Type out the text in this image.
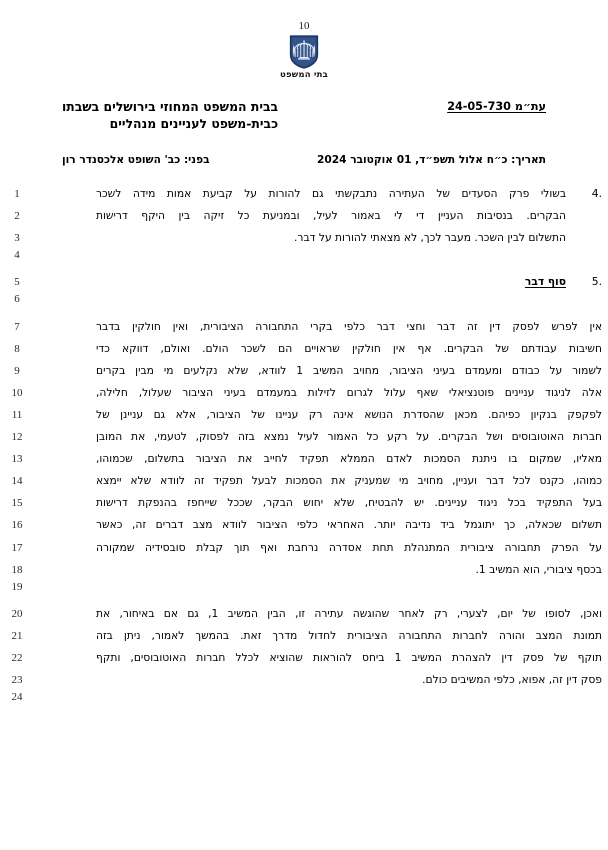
10
בתי המשפט
בבית המשפט המחוזי בירושלים בשבתו
כבית-משפט לעניינים מנהליים
עת״מ 24-05-730
בפני: כב' השופט אלכסנדר רון	תאריך: כ״ח אלול תשפ״ד, 01 אוקטובר 2024
4.
בשולי פרק הסעדים של העתירה נתבקשתי גם להורות על קביעת אמות מידה לשכר
1
הבקרים. בנסיבות העניין די לי באמור לעיל, ובמניעת כל זיקה בין היקף דרישות
2
התשלום לבין השכר. מעבר לכך, לא מצאתי להורות על דבר.
3
4
5.
סוף דבר
5
6
אין לפרש לפסק דין זה דבר וחצי דבר כלפי בקרי התחבורה הציבורית, ואין חולקין בדבר
7
חשיבות עבודתם של הבקרים. אף אין חולקין שראויים הם לשכר הולם. ואולם, דווקא כדי
8
לשמור על כבודם ומעמדם בעיני הציבור, מחויב המשיב 1 לוודא, שלא נקלעים מי מבין בקרים
9
אלה לניגוד עניינים פוטנציאלי שאף עלול לגרום לזילות במעמדם בעיני הציבור שעלול, חלילה,
10
לפקפק בנקיון כפיהם. מכאן שהסדרת הנושא אינה רק עניינו של הציבור, אלא גם עניינן של
11
חברות האוטובוסים ושל הבקרים. על רקע כל האמור לעיל נמצא בזה לפסוק, לטעמי, את המובן
12
מאליו, שמקום בו ניתנת הסמכות לאדם הממלא תפקיד לחייב את הציבור בתשלום, שכמוהו,
13
כמוהו, כקנס לכל דבר ועניין, מחויב מי שמעניק את הסמכות לבעל תפקיד זה לוודא שלא יימצא
14
בעל התפקיד בכל ניגוד עניינים. יש להבטיח, שלא יחוש הבקר, שככל שייחפז בהנפקת דרישות
15
תשלום שכאלה, כך יתוגמל ביד נדיבה יותר. האחראי כלפי הציבור לוודא מצב דברים זה, כאשר
16
על הפרק תחבורה ציבורית המתנהלת תחת אסדרה נרחבת ואף תוך קבלת סובסידיה שמקורה
17
בכסף ציבורי, הוא המשיב 1.
18
19
ואכן, לסופו של יום, לצערי, רק לאחר שהוגשה עתירה זו, הבין המשיב 1, גם אם באיחור, את
20
תמונת המצב והורה לחברות התחבורה הציבורית לחדול מדרך זאת. בהמשך לאמור, ניתן בזה
21
תוקף של פסק דין להצהרת המשיב 1 ביחס להוראות שהוציא לכלל חברות האוטובוסים, ותקף
22
פסק דין זה, אפוא, כלפי המשיבים כולם.
23
24
